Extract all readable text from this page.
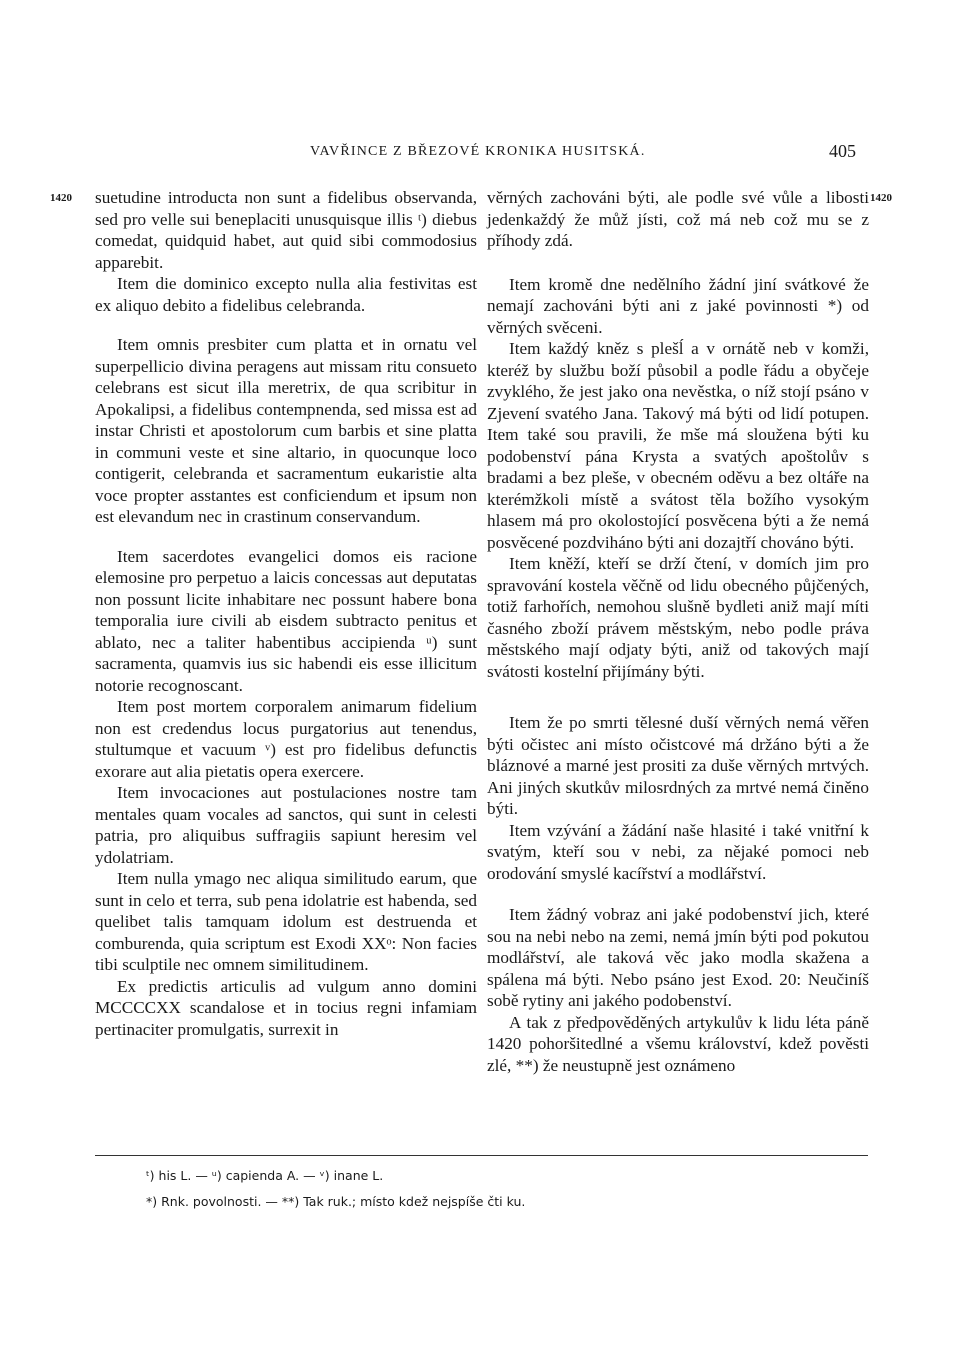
VAVŘINCE Z BŘEZOVÉ KRONIKA HUSITSKÁ.	405
1420	1420

suetudine introducta non sunt a fidelibus observanda, sed pro velle sui beneplaciti unusquisque illis ᵗ) diebus comedat, quidquid habet, aut quid sibi commodosius apparebit.

Item die dominico excepto nulla alia festivitas est ex aliquo debito a fidelibus celebranda.

Item omnis presbiter cum platta et in ornatu vel superpellicio divina peragens aut missam ritu consueto celebrans est sicut illa meretrix, de qua scribitur in Apokalipsi, a fidelibus contempnenda, sed missa est ad instar Christi et apostolorum cum barbis et sine platta in communi veste et sine altario, in quocunque loco contigerit, celebranda et sacramentum eukaristie alta voce propter asstantes est conficiendum et ipsum non est elevandum nec in crastinum conservandum.

Item sacerdotes evangelici domos eis racione elemosine pro perpetuo a laicis concessas aut deputatas non possunt licite inhabitare nec possunt habere bona temporalia iure civili ab eisdem subtracto penitus et ablato, nec a taliter habentibus accipienda ᵘ) sunt sacramenta, quamvis ius sic habendi eis esse illicitum notorie recognoscant.

Item post mortem corporalem animarum fidelium non est credendus locus purgatorius aut tenendus, stultumque et vacuum ᵛ) est pro fidelibus defunctis exorare aut alia pietatis opera exercere.

Item invocaciones aut postulaciones nostre tam mentales quam vocales ad sanctos, qui sunt in celesti patria, pro aliquibus suffragiis sapiunt heresim vel ydolatriam.

Item nulla ymago nec aliqua similitudo earum, que sunt in celo et terra, sub pena idolatrie est habenda, sed quelibet talis tamquam idolum est destruenda et comburenda, quia scriptum est Exodi XXᵒ: Non facies tibi sculptile nec omnem similitudinem.

Ex predictis articulis ad vulgum anno domini MCCCCXX scandalose et in tocius regni infamiam pertinaciter promulgatis, surrexit in

věrných zachováni býti, ale podle své vůle a libosti jedenkaždý že můž jísti, což má neb což mu se z příhody zdá.

Item kromě dne nedělního žádní jiní svátkové že nemají zachováni býti ani z jaké povinnosti *) od věrných svěceni.

Item každý kněz s plešĺ a v ornátě neb v komži, kteréž by službu boží působil a podle řádu a obyčeje zvyklého, že jest jako ona nevěstka, o níž stojí psáno v Zjevení svatého Jana. Takový má býti od lidí potupen. Item také sou pravili, že mše má sloužena býti ku podobenství pána Krysta a svatých apoštolův s bradami a bez pleše, v obecném oděvu a bez oltáře na kterémžkoli místě a svátost těla božího vysokým hlasem má pro okolostojící posvěcena býti a že nemá posvěcené pozdviháno býti ani dozajtří chováno býti.

Item kněží, kteří se drží čtení, v domích jim pro spravování kostela věčně od lidu obecného půjčených, totiž farhořích, nemohou slušně bydleti aniž mají míti časného zboží právem městským, nebo podle práva městského mají odjaty býti, aniž od takových mají svátosti kostelní přijímány býti.

Item že po smrti tělesné duší věrných nemá věřen býti očistec ani místo očistcové má držáno býti a že bláznové a marné jest prositi za duše věrných mrtvých. Ani jiných skutkův milosrdných za mrtvé nemá činěno býti.

Item vzývání a žádání naše hlasité i také vnitřní k svatým, kteří sou v nebi, za nějaké pomoci neb orodování smyslé kacířství a modlářství.

Item žádný vobraz ani jaké podobenství jich, které sou na nebi nebo na zemi, nemá jmín býti pod pokutou modlářství, ale taková věc jako modla skažena a spálena má býti. Nebo psáno jest Exod. 20: Neučiníš sobě rytiny ani jakého podobenství.

A tak z předpověděných artykulův k lidu léta páně 1420 pohoršitedlné a všemu království, kdež pověsti zlé, **) že neustupně jest oznámeno

ᵗ) his L. — ᵘ) capienda A. — ᵛ) inane L.
*) Rnk. povolnosti. — **) Tak ruk.; místo kdež nejspíše čti ku.
